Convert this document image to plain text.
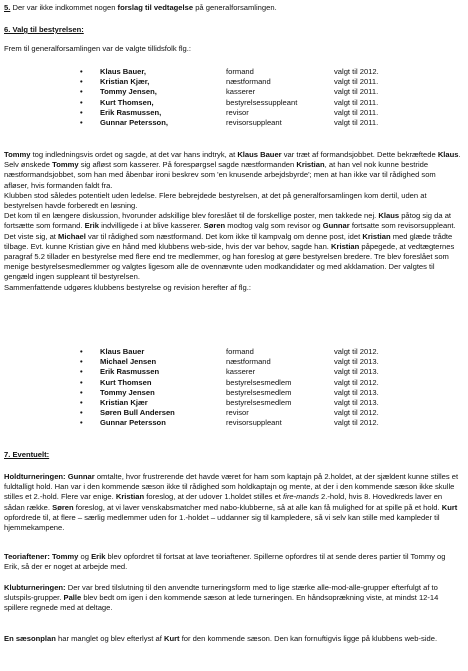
5. Der var ikke indkommet nogen forslag til vedtagelse på generalforsamlingen.

6. Valg til bestyrelsen:
Frem til generalforsamlingen var de valgte tillidsfolk flg.:
• Klaus Bauer,	formand	valgt til 2012.
• Kristian Kjær,	næstformand	valgt til 2011.
• Tommy Jensen,	kasserer	valgt til 2011.
• Kurt Thomsen,	bestyrelsessuppleant	valgt til 2011.
• Erik Rasmussen,	revisor	valgt til 2011.
• Gunnar Petersson,	revisorsuppleant	valgt til 2011.

Tommy tog indledningsvis ordet og sagde, at det var hans indtryk, at Klaus Bauer var træt af formandsjobbet. Dette bekræftede Klaus. Selv ønskede Tommy sig afløst som kasserer. På forespørgsel sagde næstformanden Kristian, at han vel nok kunne bestride næstformandsjobbet, som han med åbenbar ironi beskrev som 'en knusende arbejdsbyrde'; men at han ikke var til rådighed som afløser, hvis formanden faldt fra.
Klubben stod således potentielt uden ledelse. Flere bebrejdede bestyrelsen, at det på generalforsamlingen kom dertil, uden at bestyrelsen havde forberedt en løsning.
Det kom til en længere diskussion, hvorunder adskillige blev foreslået til de forskellige poster, men takkede nej. Klaus påtog sig da at fortsætte som formand. Erik indvilligede i at blive kasserer. Søren modtog valg som revisor og Gunnar fortsatte som revisorsuppleant. Det viste sig, at Michael var til rådighed som næstformand. Det kom ikke til kampvalg om denne post, idet Kristian med glæde trådte tilbage. Evt. kunne Kristian give en hånd med klubbens web-side, hvis der var behov, sagde han. Kristian påpegede, at vedtægternes paragraf 5.2 tillader en bestyrelse med flere end tre medlemmer, og han foreslog at gøre bestyrelsen bredere. Tre blev foreslået som menige bestyrelsesmedlemmer og valgtes ligesom alle de ovennævnte uden modkandidater og med akklamation. Der valgtes til gengæld ingen suppleant til bestyrelsen.
Sammenfattende udgøres klubbens bestyrelse og revision herefter af flg.:

• Klaus Bauer	formand	valgt til 2012.
• Michael Jensen	næstformand	valgt til 2013.
• Erik Rasmussen	kasserer	valgt til 2013.
• Kurt Thomsen	bestyrelsesmedlem	valgt til 2012.
• Tommy Jensen	bestyrelsesmedlem	valgt til 2013.
• Kristian Kjær	bestyrelsesmedlem	valgt til 2013.
• Søren Bull Andersen	revisor	valgt til 2012.
• Gunnar Petersson	revisorsuppleant	valgt til 2012.
7. Eventuelt:

Holdturneringen: Gunnar omtalte, hvor frustrerende det havde været for ham som kaptajn på 2.holdet, at der sjældent kunne stilles et fuldtalligt hold. Han var i den kommende sæson ikke til rådighed som holdkaptajn og mente, at der i den kommende sæson ikke skulle stilles et 2.-hold. Flere var enige. Kristian foreslog, at der udover 1.holdet stilles et fire-mands 2.-hold, hvis 8. Hovedkreds laver en sådan række. Søren foreslog, at vi laver venskabsmatcher med nabo-klubberne, så at alle kan få mulighed for at spille på et hold. Kurt opfordrede til, at flere – særlig medlemmer uden for 1.-holdet – uddanner sig til kampledere, så vi selv kan stille med kampleder til hjemmekampene.

Teoriaftener: Tommy og Erik blev opfordret til fortsat at lave teoriaftener. Spillerne opfordres til at sende deres partier til Tommy og Erik, så der er noget at arbejde med.

Klubturneringen: Der var bred tilslutning til den anvendte turneringsform med to lige stærke alle-mod-alle-grupper efterfulgt af to slutspils-grupper. Palle blev bedt om igen i den kommende sæson at lede turneringen. En håndsoprækning viste, at mindst 12-14 spillere regnede med at deltage.

En sæsonplan har manglet og blev efterlyst af Kurt for den kommende sæson. Den kan fornuftigvis ligge på klubbens web-side.
